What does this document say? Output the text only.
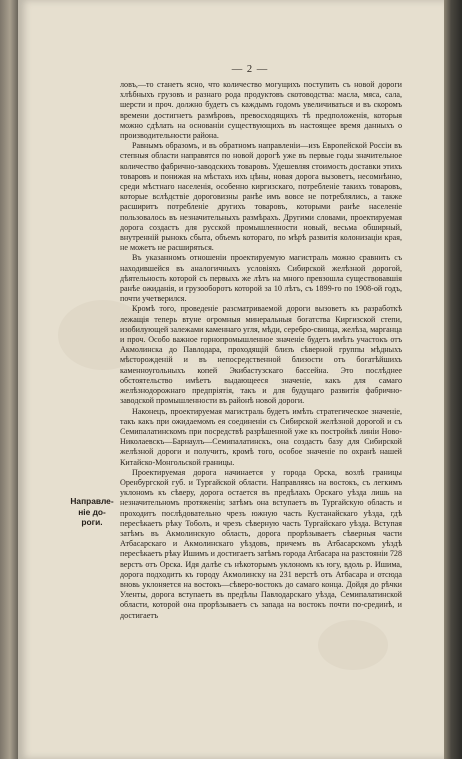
— 2 —
Направле-
ніе до-
роги.

ловъ,—то станетъ ясно, что количество могущихъ поступить съ новой дороги хлѣбныхъ грузовъ и разнаго рода продуктовъ скотоводства: масла, мяса, сала, шерсти и проч. должно будетъ съ каждымъ годомъ увеличиваться и въ скоромъ времени достигнетъ размѣровъ, превосходящихъ тѣ предположенія, которыя можно сдѣлать на основаніи существующихъ въ настоящее время данныхъ о производительности района.

Равнымъ образомъ, и въ обратномъ направленіи—изъ Европейской Россіи въ степныя области направятся по новой дорогѣ уже въ первые годы значительное количество фабрично-заводскихъ товаровъ. Удешевляя стоимость доставки этихъ товаровъ и понижая на мѣстахъ ихъ цѣны, новая дорога вызоветъ, несомнѣнно, среди мѣстнаго населенія, особенно киргизскаго, потребленіе такихъ товаровъ, которые вслѣдствіе дороговизны ранѣе имъ вовсе не потреблялись, а также расширитъ потребленіе другихъ товаровъ, которыми ранѣе населеніе пользовалось въ незначительныхъ размѣрахъ. Другими словами, проектируемая дорога создастъ для русской промышленности новый, весьма обширный, внутренній рынокъ сбыта, объемъ котораго, по мѣрѣ развитія колонизаціи края, не можетъ не расширяться.

Въ указанномъ отношеніи проектируемую магистраль можно сравнить съ находившейся въ аналогичныхъ условіяхъ Сибирской желѣзной дорогой, дѣятельность которой съ первыхъ же лѣтъ на много превзошла существовавшія ранѣе ожиданія, и грузооборотъ которой за 10 лѣтъ, съ 1899-го по 1908-ой годъ, почти учетверился.

Кромѣ того, проведеніе разсматриваемой дороги вызоветъ къ разработкѣ лежащія теперь втуне огромныя минеральныя богатства Киргизской степи, изобилующей залежами каменнаго угля, мѣди, серебро-свинца, желѣза, марганца и проч. Особо важное горнопромышленное значеніе будетъ имѣть участокъ отъ Акмолинска до Павлодара, проходящій близъ сѣверной группы мѣдныхъ мѣсторожденій и въ непосредственной близости отъ богатѣйшихъ каменноугольныхъ копей Экибастузскаго бассейна. Это послѣднее обстоятельство имѣетъ выдающееся значеніе, какъ для самаго желѣзнодорожнаго предпріятія, такъ и для будущаго развитія фабрично-заводской промышленности въ районѣ новой дороги.

Наконецъ, проектируемая магистраль будетъ имѣть стратегическое значеніе, такъ какъ при ожидаемомъ ея соединеніи съ Сибирской желѣзной дорогой и съ Семипалатинскомъ при посредствѣ разрѣшенной уже къ постройкѣ линіи Ново-Николаевскъ—Барнаулъ—Семипалатинскъ, она создастъ базу для Сибирской желѣзной дороги и получитъ, кромѣ того, особое значеніе по охранѣ нашей Китайско-Монгольской границы.

Проектируемая дорога начинается у города Орска, возлѣ границы Оренбургской губ. и Тургайской области. Направляясь на востокъ, съ легкимъ уклономъ къ сѣверу, дорога остается въ предѣлахъ Орскаго уѣзда лишь на незначительномъ протяженіи; затѣмъ она вступаетъ въ Тургайскую область и проходитъ послѣдовательно чрезъ южную часть Кустанайскаго уѣзда, гдѣ пересѣкаетъ рѣку Тоболъ, и чрезъ сѣверную часть Тургайскаго уѣзда. Вступая затѣмъ въ Акмолинскую область, дорога прорѣзываетъ сѣверныя части Атбасарскаго и Акмолинскаго уѣздовъ, причемъ въ Атбасарскомъ уѣздѣ пересѣкаетъ рѣку Ишимъ и достигаетъ затѣмъ города Атбасара на разстояніи 728 верстъ отъ Орска. Идя далѣе съ нѣкоторымъ уклономъ къ югу, вдоль р. Ишима, дорога подходитъ къ городу Акмолинску на 231 верстѣ отъ Атбасара и отсюда вновь уклоняется на востокъ—сѣверо-востокъ до самаго конца. Дойдя до рѣчки Уленты, дорога вступаетъ въ предѣлы Павлодарскаго уѣзда, Семипалатинской области, которой она прорѣзываетъ съ запада на востокъ почти по-срединѣ, и достигаетъ
